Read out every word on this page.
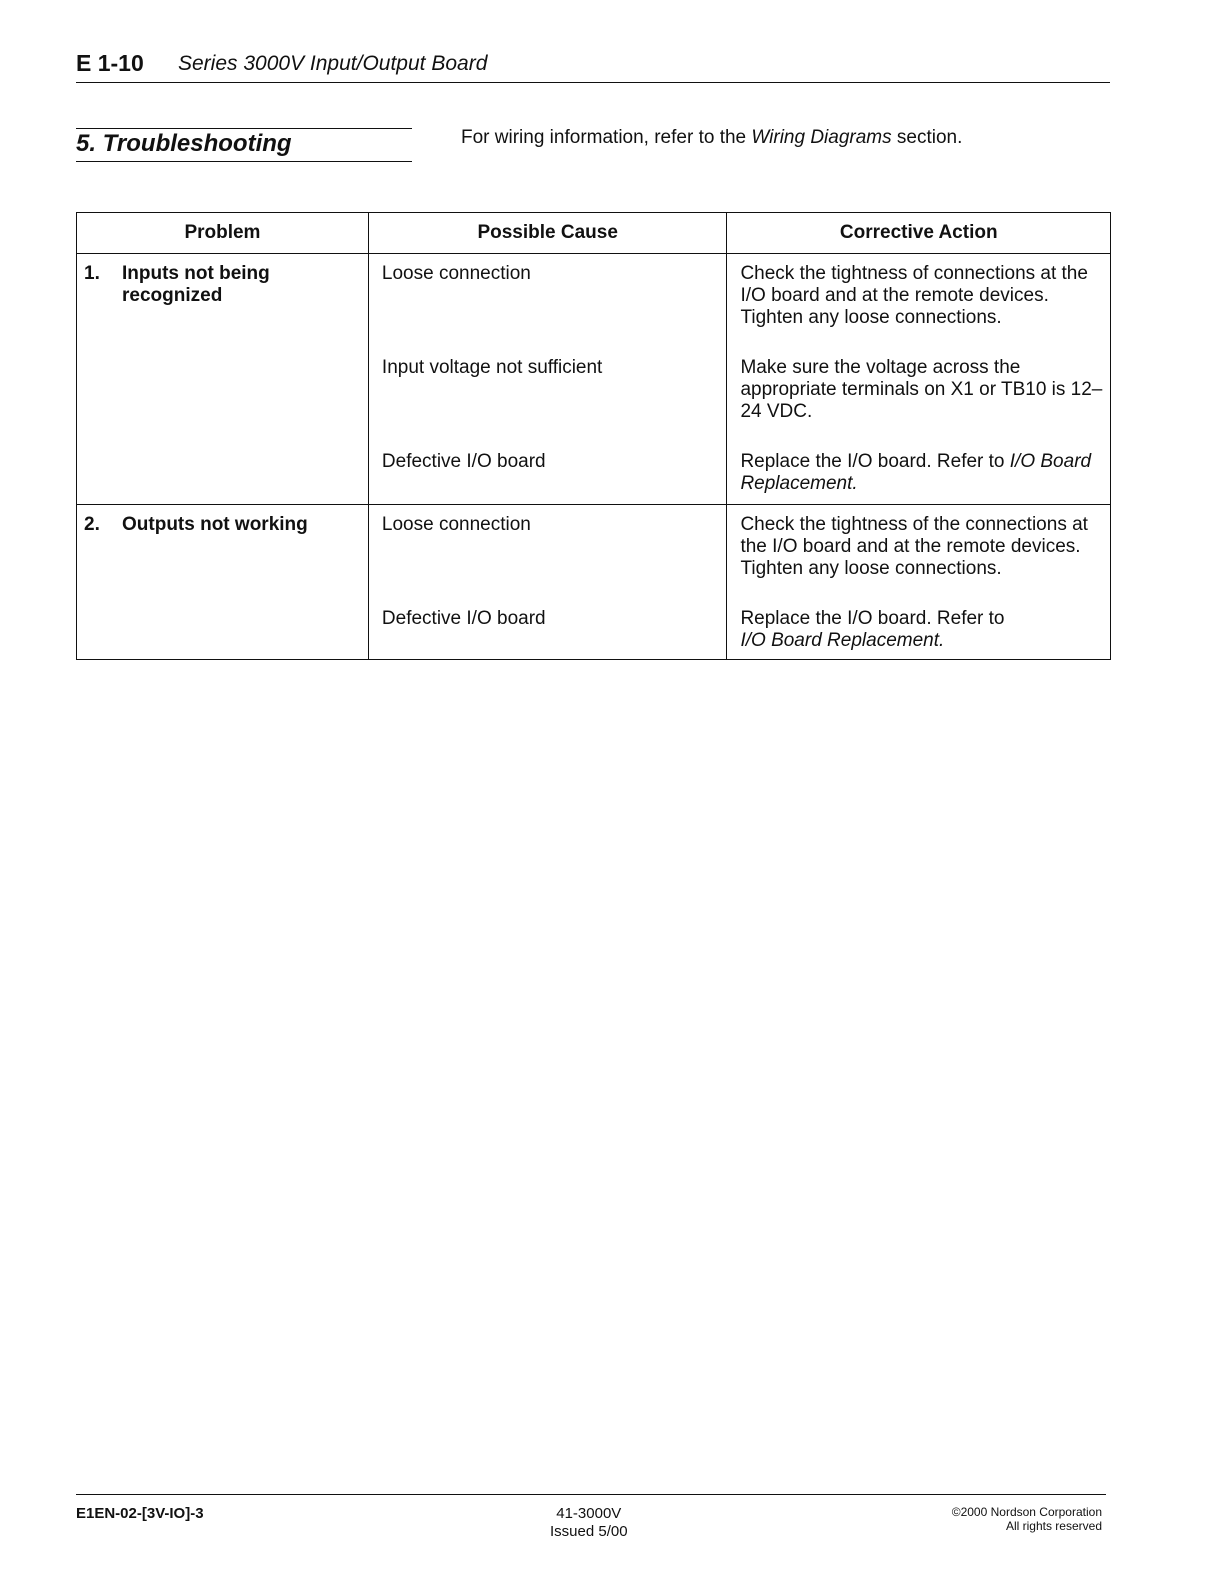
E 1-10 Series 3000V Input/Output Board
5. Troubleshooting	For wiring information, refer to the Wiring Diagrams section.
Problem	Possible Cause	Corrective Action

1. Inputs not being recognized	Loose connection	Check the tightness of connections at the I/O board and at the remote devices. Tighten any loose connections.

	Input voltage not sufficient	Make sure the voltage across the appropriate terminals on X1 or TB10 is 12–24 VDC.

	Defective I/O board	Replace the I/O board. Refer to I/O Board Replacement.

2. Outputs not working	Loose connection	Check the tightness of the connections at the I/O board and at the remote devices. Tighten any loose connections.

	Defective I/O board	Replace the I/O board. Refer to
I/O Board Replacement.
E1EN-02-[3V-IO]-3	41-3000V
Issued 5/00
©2000 Nordson Corporation
All rights reserved
